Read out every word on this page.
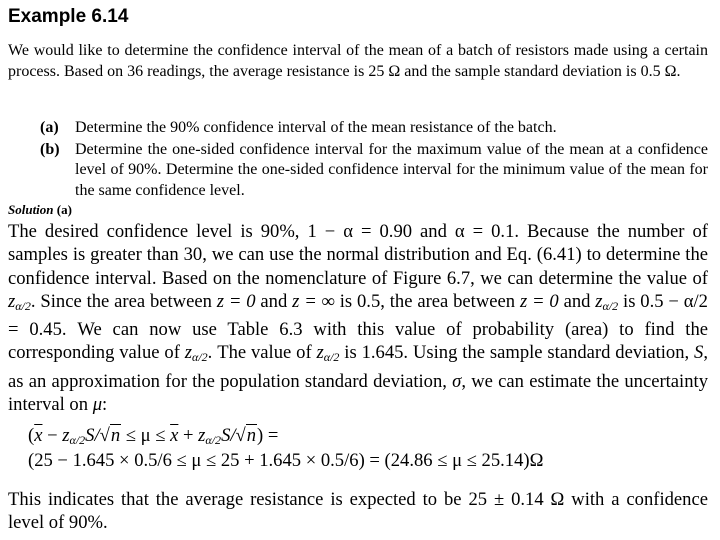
Example 6.14
We would like to determine the confidence interval of the mean of a batch of resistors made using a certain process. Based on 36 readings, the average resistance is 25 Ω and the sample standard deviation is 0.5 Ω.
(a)	Determine the 90% confidence interval of the mean resistance of the batch.
(b) Determine the one-sided confidence interval for the maximum value of the mean at a confidence level of 90%. Determine the one-sided confidence interval for the minimum value of the mean for the same confidence level.
Solution (a)
The desired confidence level is 90%, 1 − α = 0.90 and α = 0.1. Because the number of samples is greater than 30, we can use the normal distribution and Eq. (6.41) to determine the confidence interval. Based on the nomenclature of Figure 6.7, we can determine the value of $z_{\alpha/2}$. Since the area between z = 0 and z = ∞ is 0.5, the area between z = 0 and $z_{\alpha/2}$ is 0.5 − α/2 = 0.45. We can now use Table 6.3 with this value of probability (area) to find the corresponding value of $z_{\alpha/2}$. The value of $z_{\alpha/2}$ is 1.645. Using the sample standard deviation, S, as an approximation for the population standard deviation, σ, we can estimate the uncertainty interval on μ:
$(\overline{x} - z_{\alpha/2}S/√n \le \mu \le \overline{x} + z_{\alpha/2}S/√n)$ =
(25 − 1.645 × 0.5/6 ≤ μ ≤ 25 + 1.645 × 0.5/6) = (24.86 ≤ μ ≤ 25.14)Ω
This indicates that the average resistance is expected to be 25 ± 0.14 Ω with a confidence level of 90%.
